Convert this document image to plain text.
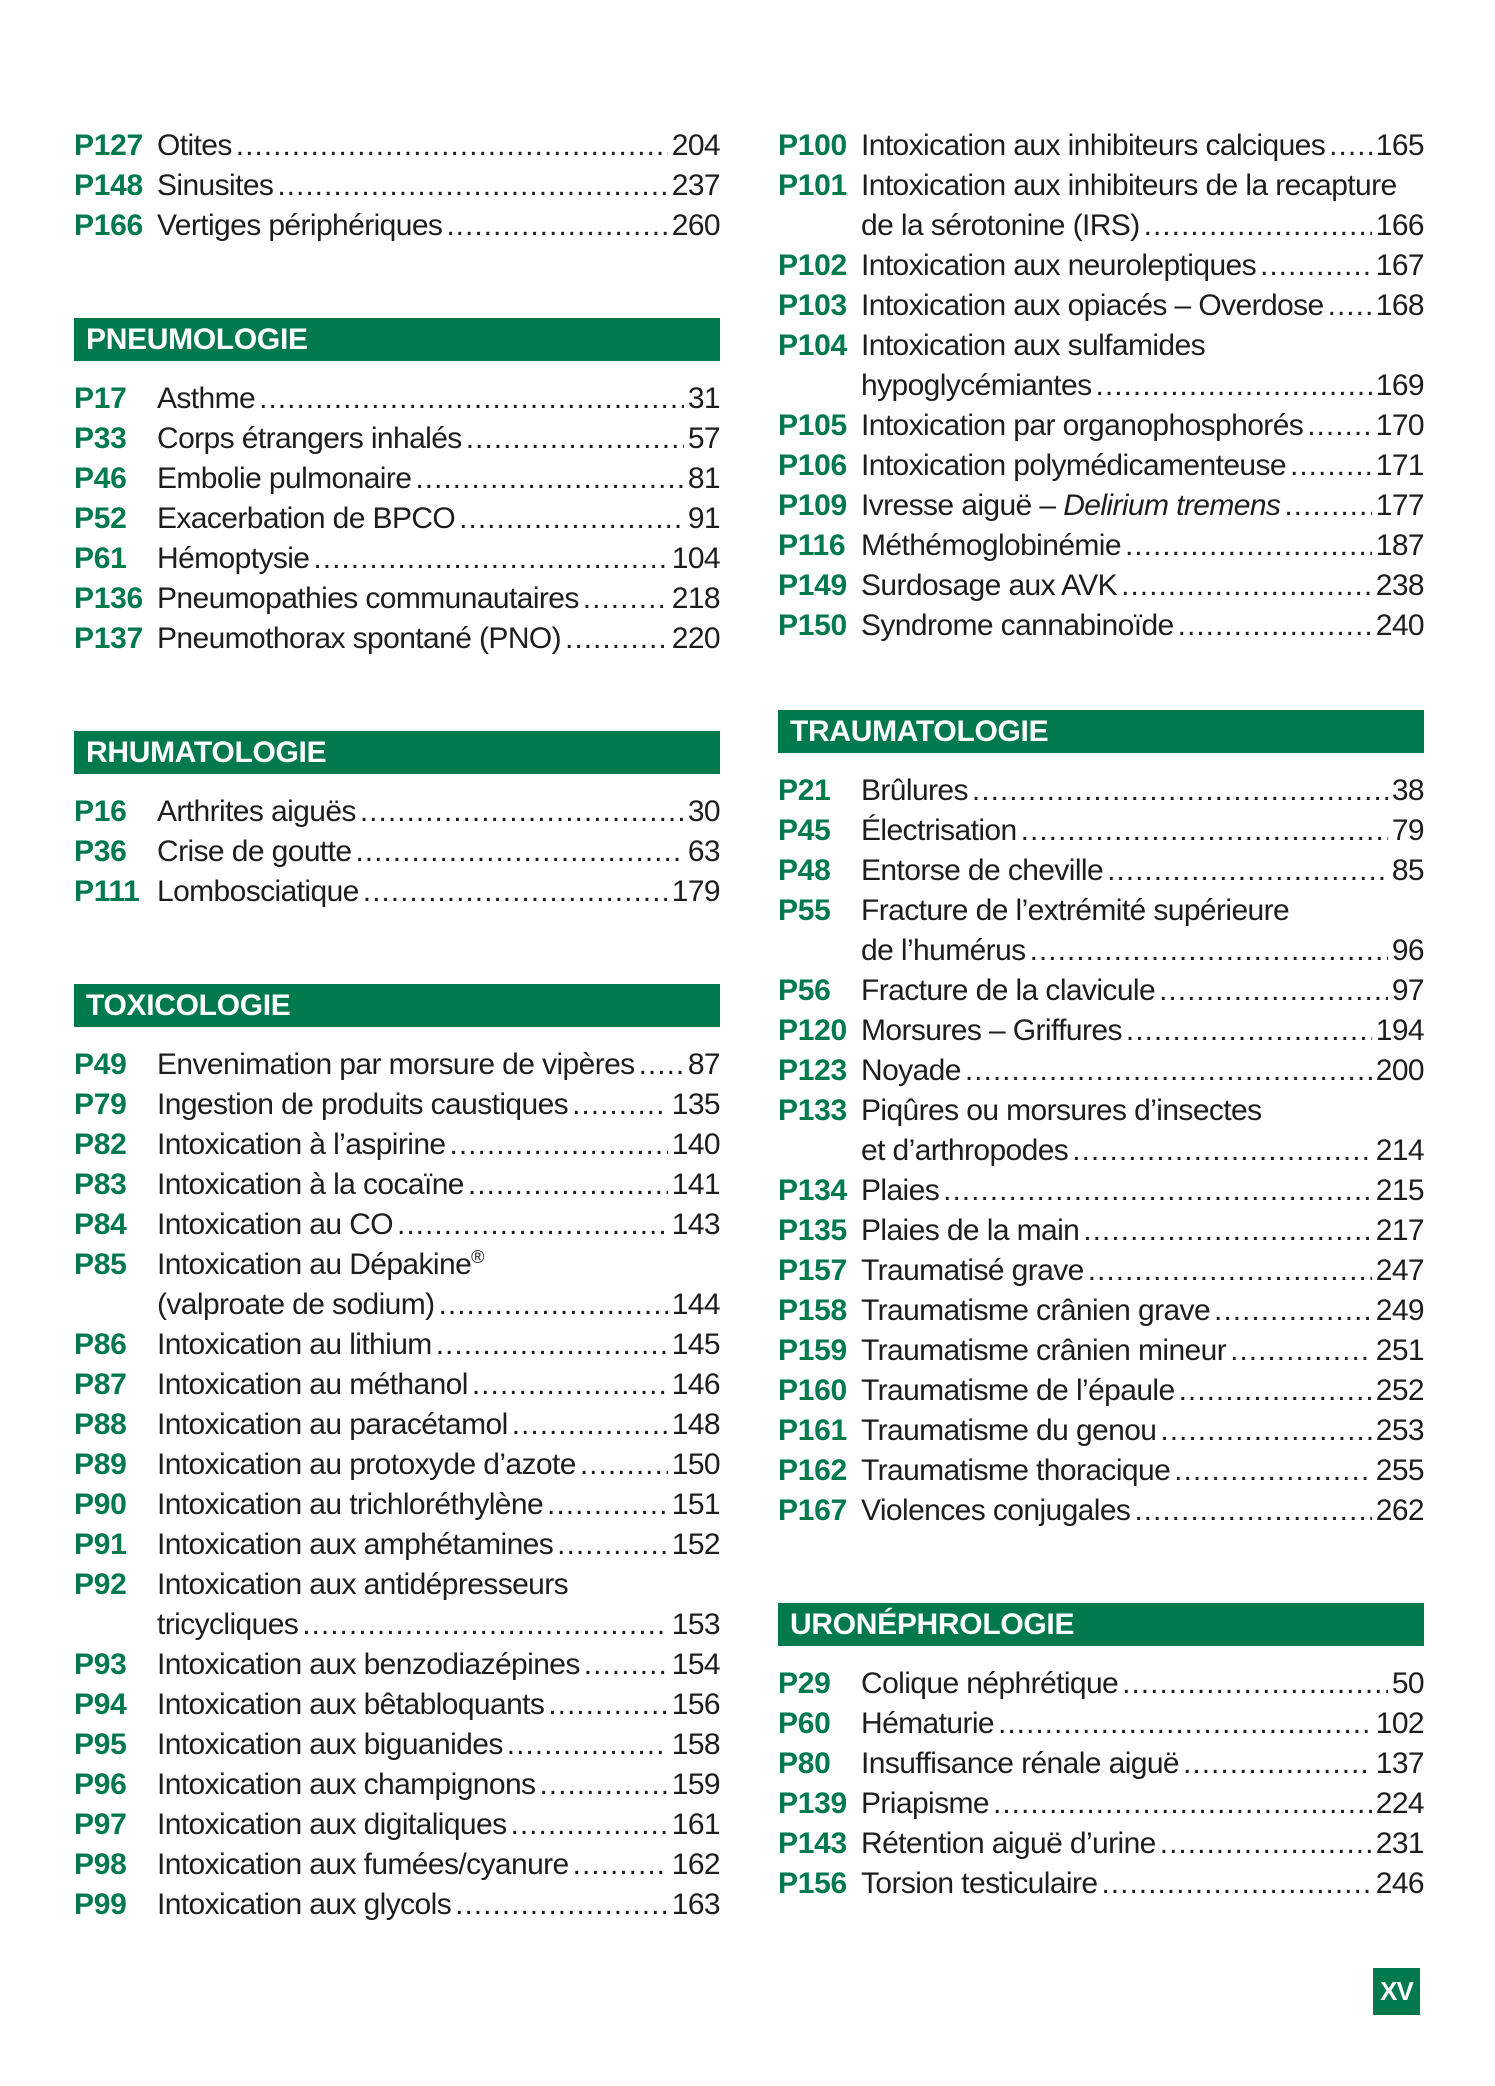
P127 Otites .....	204
P148 Sinusites .....	237
P166 Vertiges périphériques .....	260
PNEUMOLOGIE
P17	Asthme .....	31
P33	Corps étrangers inhalés .....	57
P46	Embolie pulmonaire .....	81
P52	Exacerbation de BPCO .....	91
P61	Hémoptysie .....	104
P136 Pneumopathies communautaires .....	218
P137 Pneumothorax spontané (PNO) .....	220
RHUMATOLOGIE
P16	Arthrites aiguës .....	30
P36	Crise de goutte .....	63
P111 Lombosciatique .....	179
TOXICOLOGIE
P49	Envenimation par morsure de vipères ..... 87
P79	Ingestion de produits caustiques .....	135
P82	Intoxication à l’aspirine .....	140
P83	Intoxication à la cocaïne .....	141
P84	Intoxication au CO .....	143
P85	Intoxication au Dépakine®
(valproate de sodium) .....	144
P86	Intoxication au lithium .....	145
P87	Intoxication au méthanol .....	146
P88	Intoxication au paracétamol .....	148
P89	Intoxication au protoxyde d’azote .....	150
P90	Intoxication au trichloréthylène .....	151
P91	Intoxication aux amphétamines .....	152
P92	Intoxication aux antidépresseurs
tricycliques .....	153
P93	Intoxication aux benzodiazépines .....	154
P94	Intoxication aux bêtabloquants .....	156
P95	Intoxication aux biguanides .....	158
P96	Intoxication aux champignons .....	159
P97	Intoxication aux digitaliques .....	161
P98	Intoxication aux fumées/cyanure .....	162
P99	Intoxication aux glycols .....	163
P100 Intoxication aux inhibiteurs calciques ..... 165
P101 Intoxication aux inhibiteurs de la recapture
de la sérotonine (IRS) .....	166
P102 Intoxication aux neuroleptiques .....	167
P103 Intoxication aux opiacés – Overdose ..... 168
P104 Intoxication aux sulfamides
hypoglycémiantes .....	169
P105 Intoxication par organophosphorés ..... 170
P106 Intoxication polymédicamenteuse .....	171
P109 Ivresse aiguë – Delirium tremens .....	177
P116 Méthémoglobinémie .....	187
P149 Surdosage aux AVK .....	238
P150 Syndrome cannabinoïde .....	240
TRAUMATOLOGIE
P21	Brûlures .....	38
P45	Électrisation .....	79
P48	Entorse de cheville .....	85
P55	Fracture de l’extrémité supérieure
de l’humérus .....	96
P56	Fracture de la clavicule .....	97
P120 Morsures – Griffures .....	194
P123 Noyade .....	200
P133 Piqûres ou morsures d’insectes
et d’arthropodes .....	214
P134 Plaies .....	215
P135 Plaies de la main .....	217
P157 Traumatisé grave .....	247
P158 Traumatisme crânien grave .....	249
P159 Traumatisme crânien mineur .....	251
P160 Traumatisme de l’épaule .....	252
P161 Traumatisme du genou .....	253
P162 Traumatisme thoracique .....	255
P167 Violences conjugales .....	262
URONÉPHROLOGIE
P29	Colique néphrétique .....	50
P60	Hématurie .....	102
P80	Insuffisance rénale aiguë .....	137
P139 Priapisme .....	224
P143 Rétention aiguë d’urine .....	231
P156 Torsion testiculaire .....	246
XV
